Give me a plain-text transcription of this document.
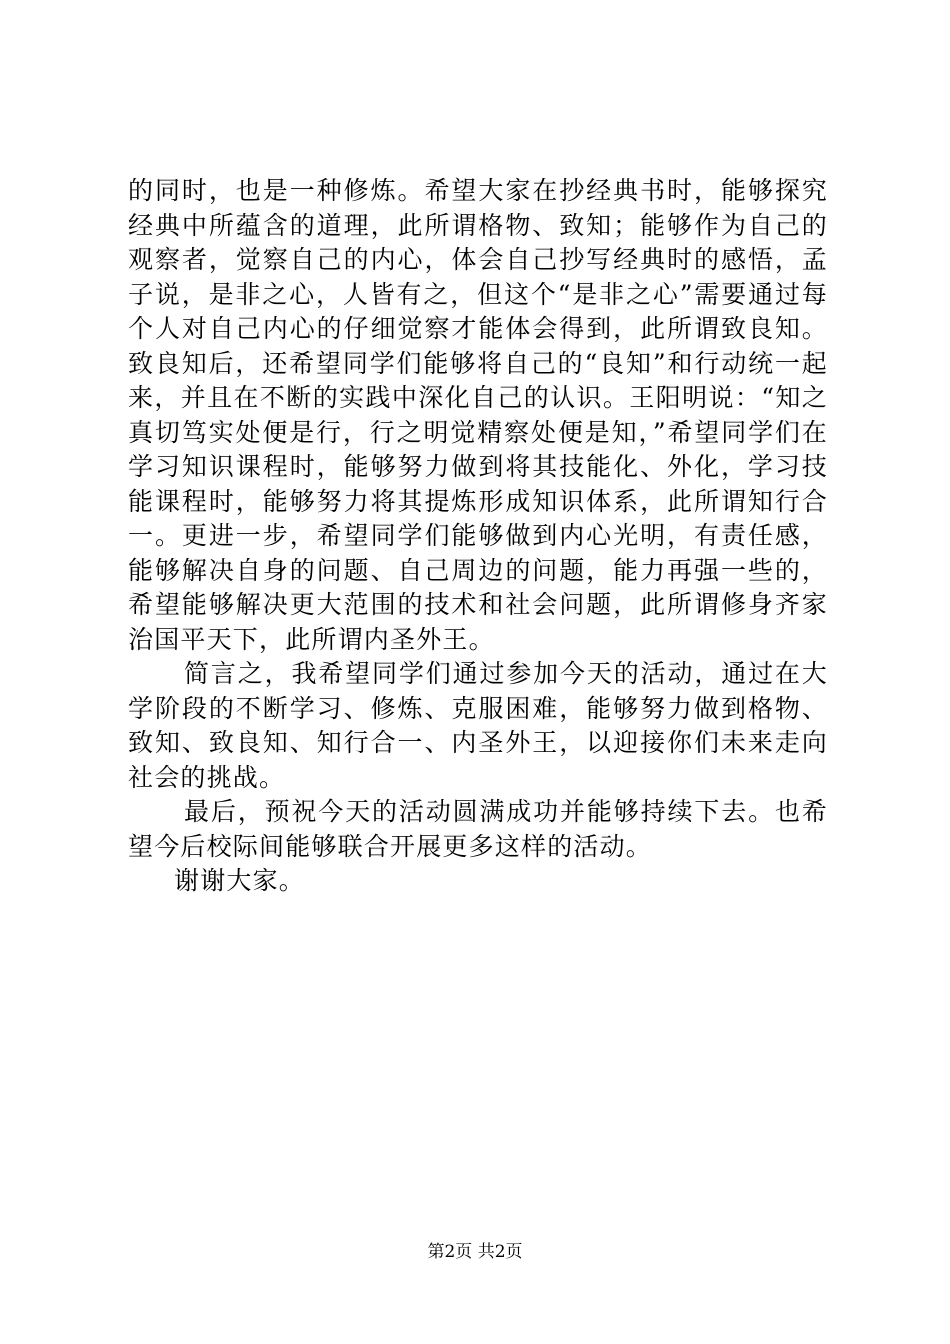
的同时，也是一种修炼。希望大家在抄经典书时，能够探究经典中所蕴含的道理，此所谓格物、致知；能够作为自己的观察者，觉察自己的内心，体会自己抄写经典时的感悟，孟子说，是非之心，人皆有之，但这个“是非之心”需要通过每个人对自己内心的仔细觉察才能体会得到，此所谓致良知。致良知后，还希望同学们能够将自己的“良知”和行动统一起来，并且在不断的实践中深化自己的认识。王阳明说：“知之真切笃实处便是行，行之明觉精察处便是知，”希望同学们在学习知识课程时，能够努力做到将其技能化、外化，学习技能课程时，能够努力将其提炼形成知识体系，此所谓知行合一。更进一步，希望同学们能够做到内心光明，有责任感，能够解决自身的问题、自己周边的问题，能力再强一些的，希望能够解决更大范围的技术和社会问题，此所谓修身齐家治国平天下，此所谓内圣外王。

简言之，我希望同学们通过参加今天的活动，通过在大学阶段的不断学习、修炼、克服困难，能够努力做到格物、致知、致良知、知行合一、内圣外王，以迎接你们未来走向社会的挑战。

最后，预祝今天的活动圆满成功并能够持续下去。也希望今后校际间能够联合开展更多这样的活动。

谢谢大家。

第2页 共2页
